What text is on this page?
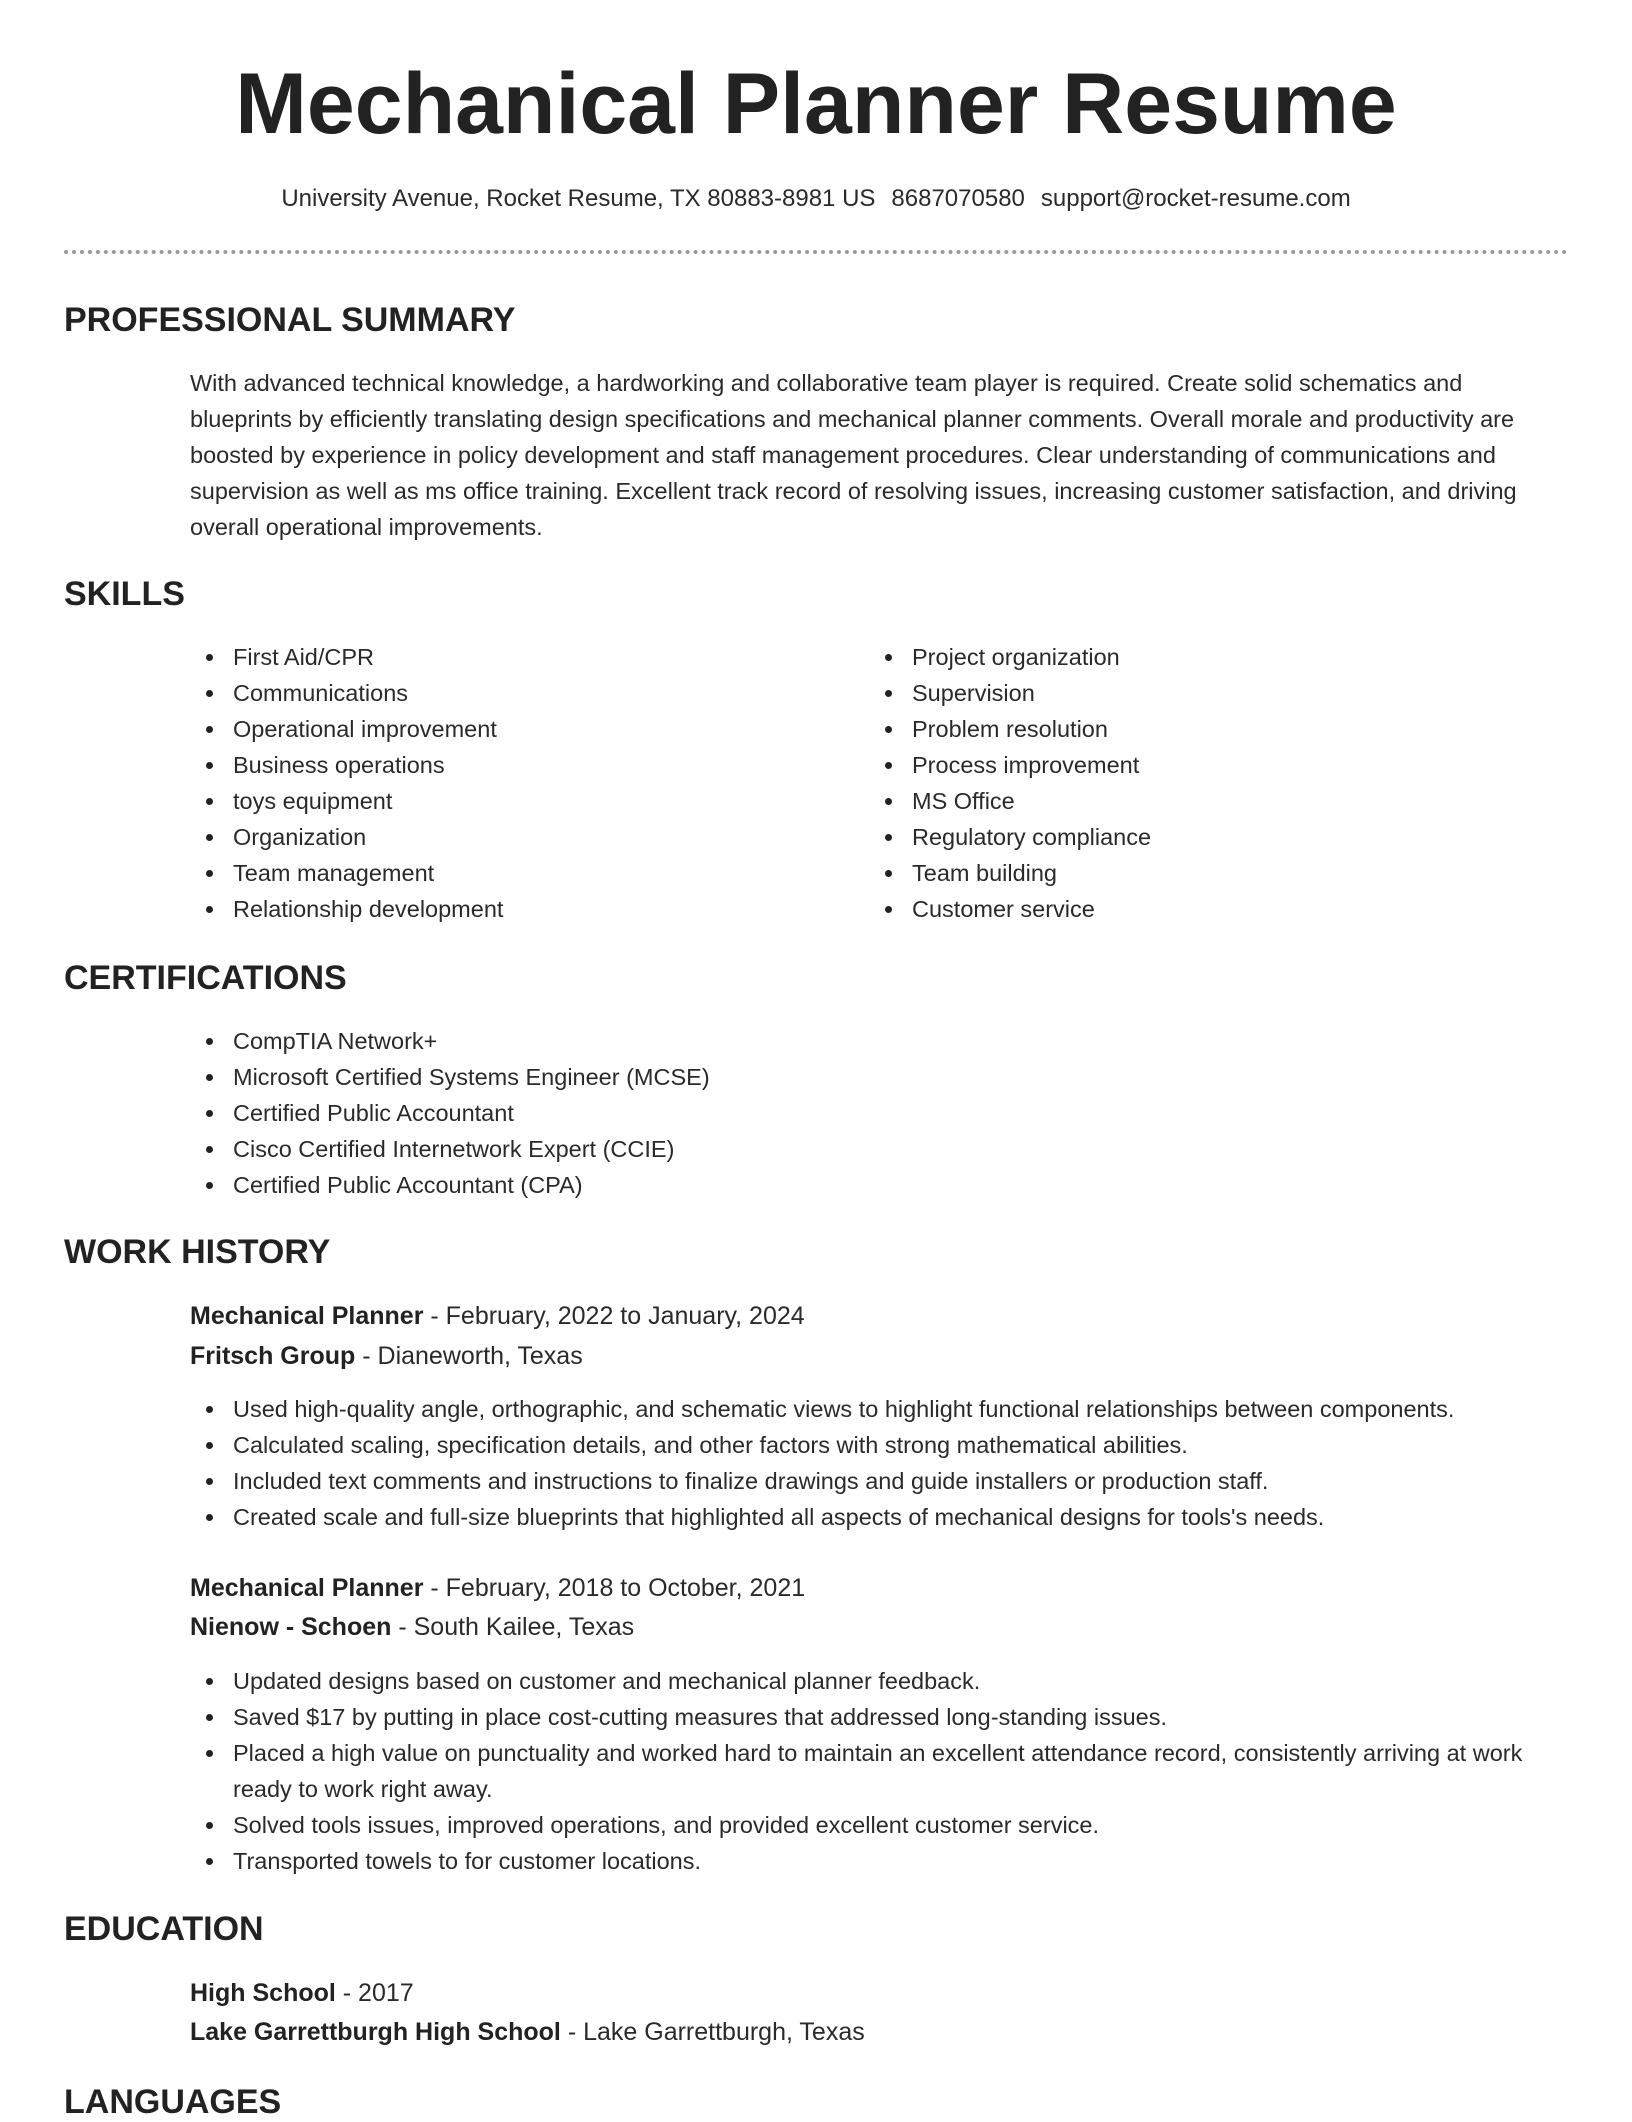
Mechanical Planner Resume

University Avenue, Rocket Resume, TX 80883-8981 US 8687070580 support@rocket-resume.com

PROFESSIONAL SUMMARY

With advanced technical knowledge, a hardworking and collaborative team player is required. Create solid schematics and blueprints by efficiently translating design specifications and mechanical planner comments. Overall morale and productivity are boosted by experience in policy development and staff management procedures. Clear understanding of communications and supervision as well as ms office training. Excellent track record of resolving issues, increasing customer satisfaction, and driving overall operational improvements.

SKILLS
First Aid/CPR
Communications
Operational improvement
Business operations
toys equipment
Organization
Team management
Relationship development
Project organization
Supervision
Problem resolution
Process improvement
MS Office
Regulatory compliance
Team building
Customer service
CERTIFICATIONS
CompTIA Network+
Microsoft Certified Systems Engineer (MCSE)
Certified Public Accountant
Cisco Certified Internetwork Expert (CCIE)
Certified Public Accountant (CPA)
WORK HISTORY

Mechanical Planner - February, 2022 to January, 2024

Fritsch Group - Dianeworth, Texas

Used high-quality angle, orthographic, and schematic views to highlight functional relationships between components.
Calculated scaling, specification details, and other factors with strong mathematical abilities.
Included text comments and instructions to finalize drawings and guide installers or production staff.
Created scale and full-size blueprints that highlighted all aspects of mechanical designs for tools's needs.

Mechanical Planner - February, 2018 to October, 2021

Nienow - Schoen - South Kailee, Texas

Updated designs based on customer and mechanical planner feedback.
Saved $17 by putting in place cost-cutting measures that addressed long-standing issues.
Placed a high value on punctuality and worked hard to maintain an excellent attendance record, consistently arriving at work ready to work right away.
Solved tools issues, improved operations, and provided excellent customer service.
Transported towels to for customer locations.
EDUCATION

High School - 2017

Lake Garrettburgh High School - Lake Garrettburgh, Texas

LANGUAGES
